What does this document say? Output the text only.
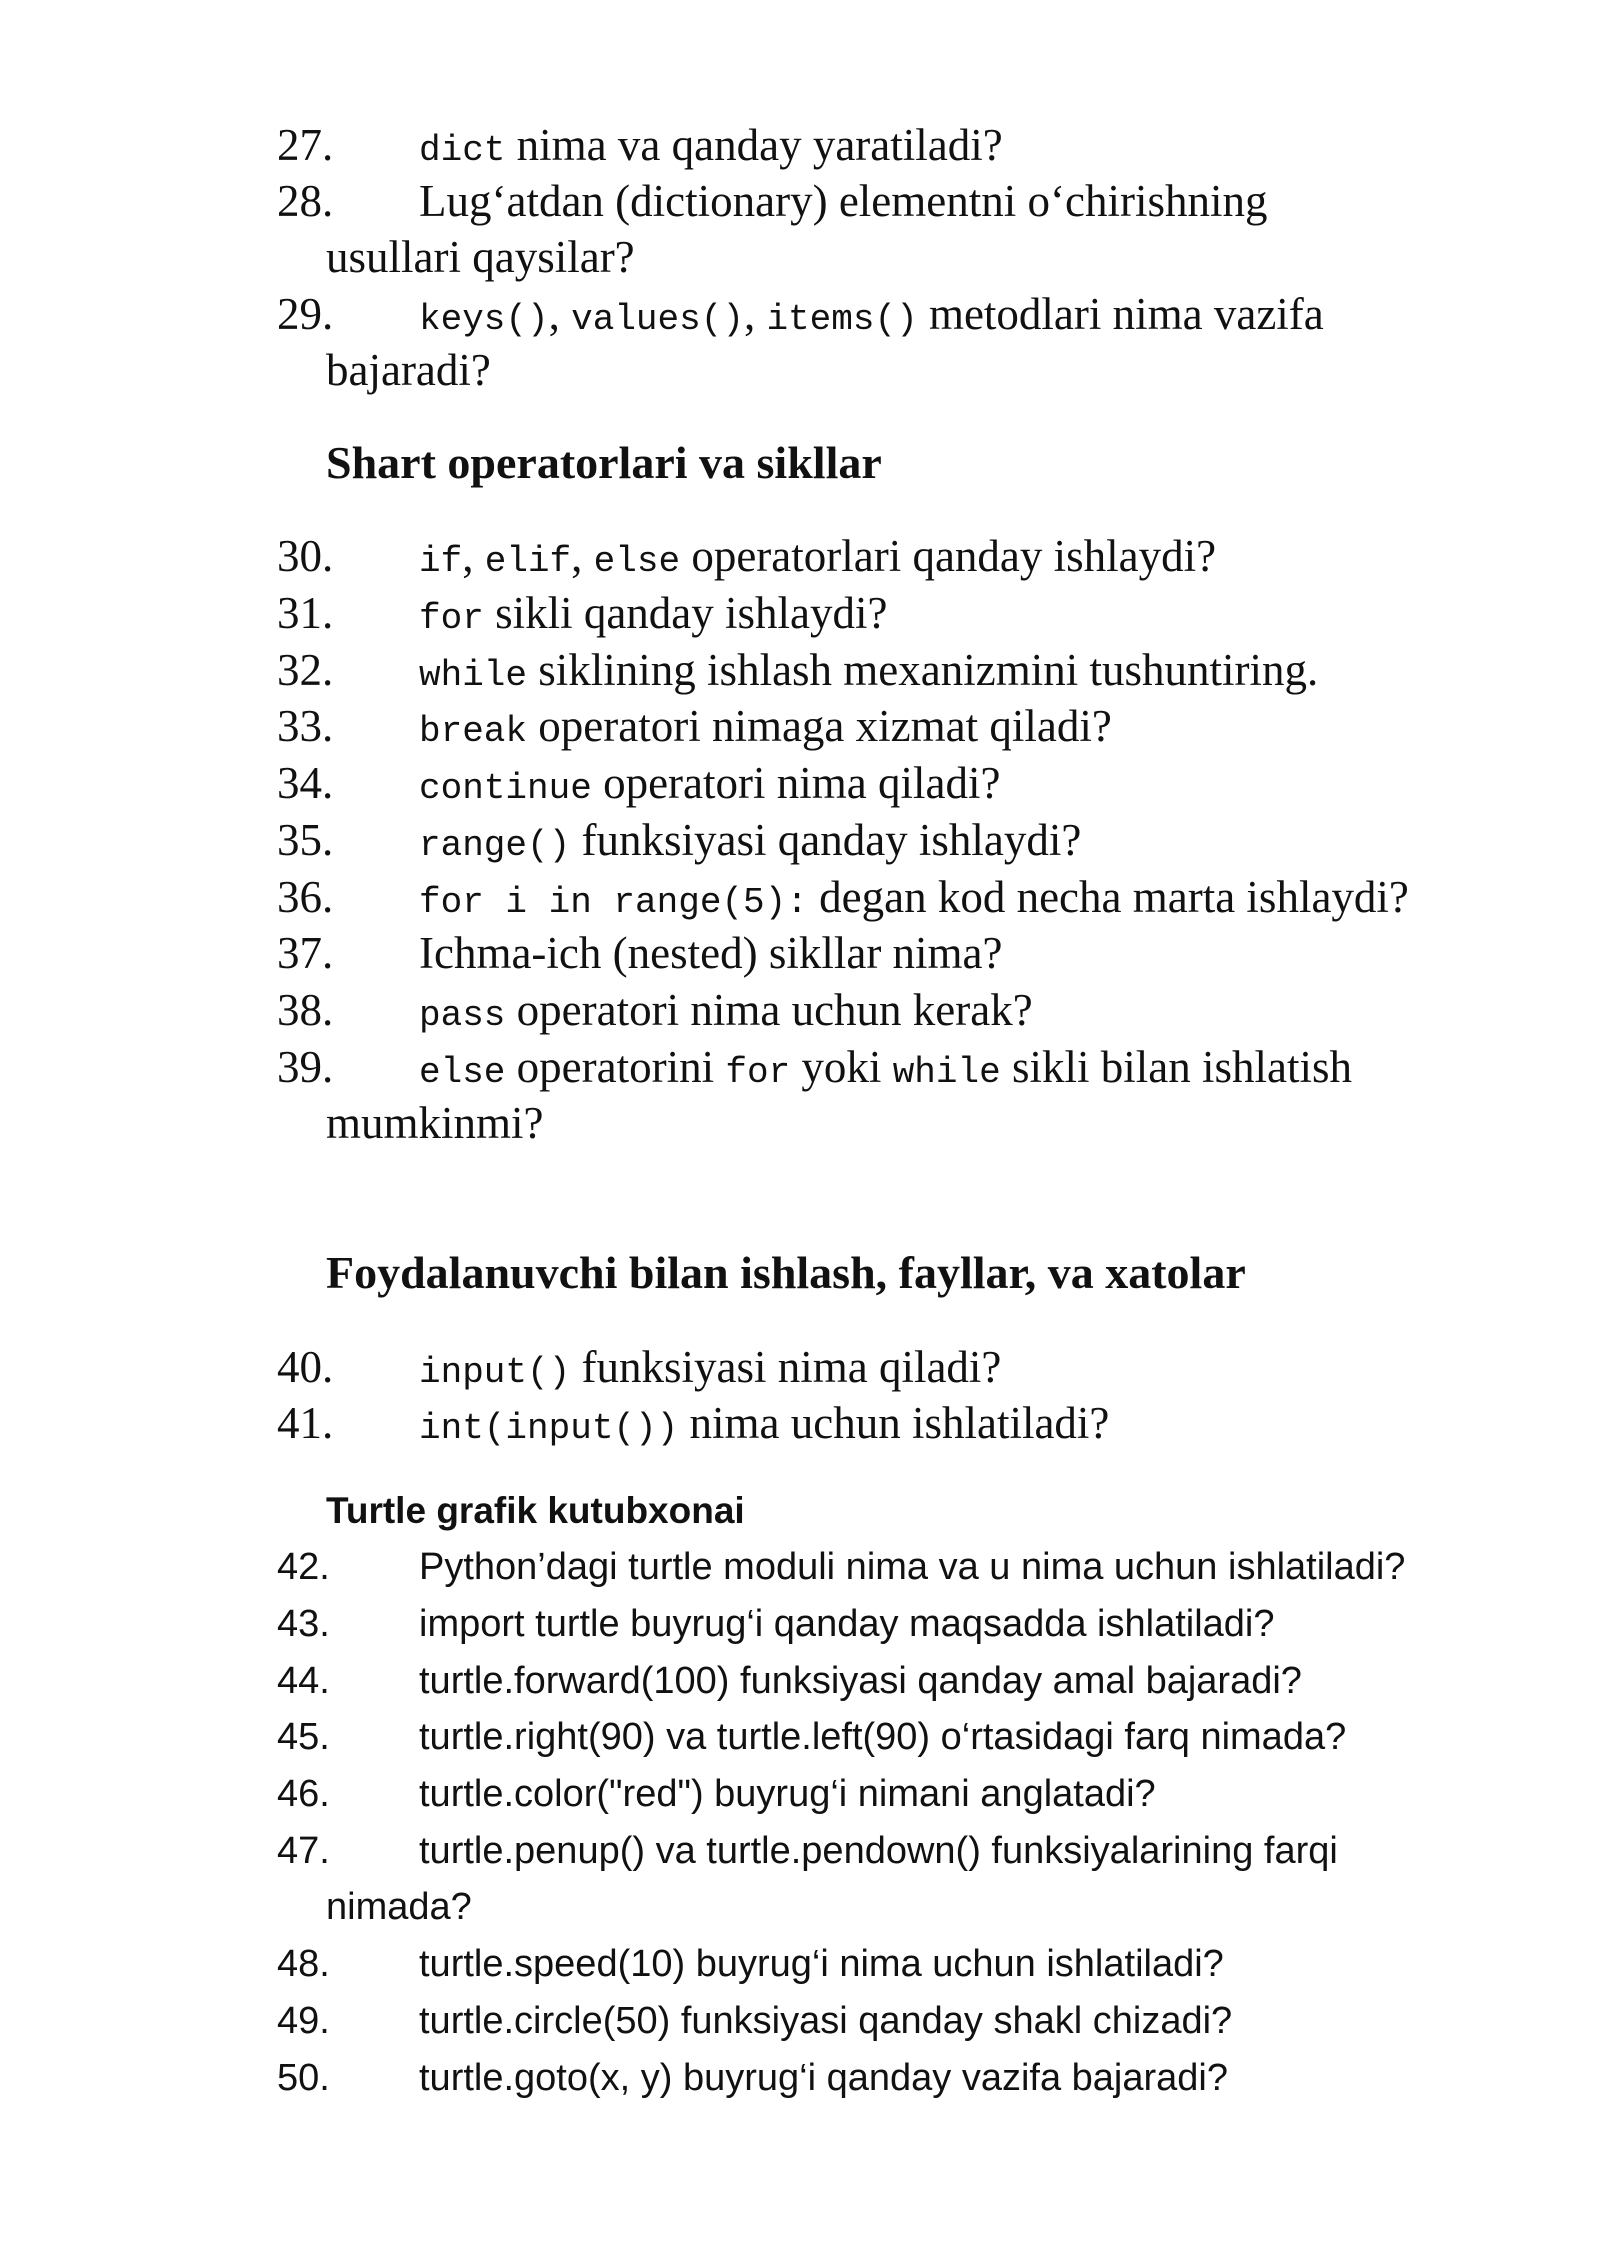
27. dict nima va qanday yaratiladi?
28. Lug‘atdan (dictionary) elementni o‘chirishning
usullari qaysilar?
29. keys(), values(), items() metodlari nima vazifa
bajaradi?
Shart operatorlari va sikllar
30. if, elif, else operatorlari qanday ishlaydi?
31. for sikli qanday ishlaydi?
32. while siklining ishlash mexanizmini tushuntiring.
33. break operatori nimaga xizmat qiladi?
34. continue operatori nima qiladi?
35. range() funksiyasi qanday ishlaydi?
36. for i in range(5): degan kod necha marta ishlaydi?
37. Ichma-ich (nested) sikllar nima?
38. pass operatori nima uchun kerak?
39. else operatorini for yoki while sikli bilan ishlatish
mumkinmi?
Foydalanuvchi bilan ishlash, fayllar, va xatolar
40. input() funksiyasi nima qiladi?
41. int(input()) nima uchun ishlatiladi?
Turtle grafik kutubxonai
42. Python’dagi turtle moduli nima va u nima uchun ishlatiladi?
43. import turtle buyrug‘i qanday maqsadda ishlatiladi?
44. turtle.forward(100) funksiyasi qanday amal bajaradi?
45. turtle.right(90) va turtle.left(90) o‘rtasidagi farq nimada?
46. turtle.color("red") buyrug‘i nimani anglatadi?
47. turtle.penup() va turtle.pendown() funksiyalarining farqi
nimada?
48. turtle.speed(10) buyrug‘i nima uchun ishlatiladi?
49. turtle.circle(50) funksiyasi qanday shakl chizadi?
50. turtle.goto(x, y) buyrug‘i qanday vazifa bajaradi?
